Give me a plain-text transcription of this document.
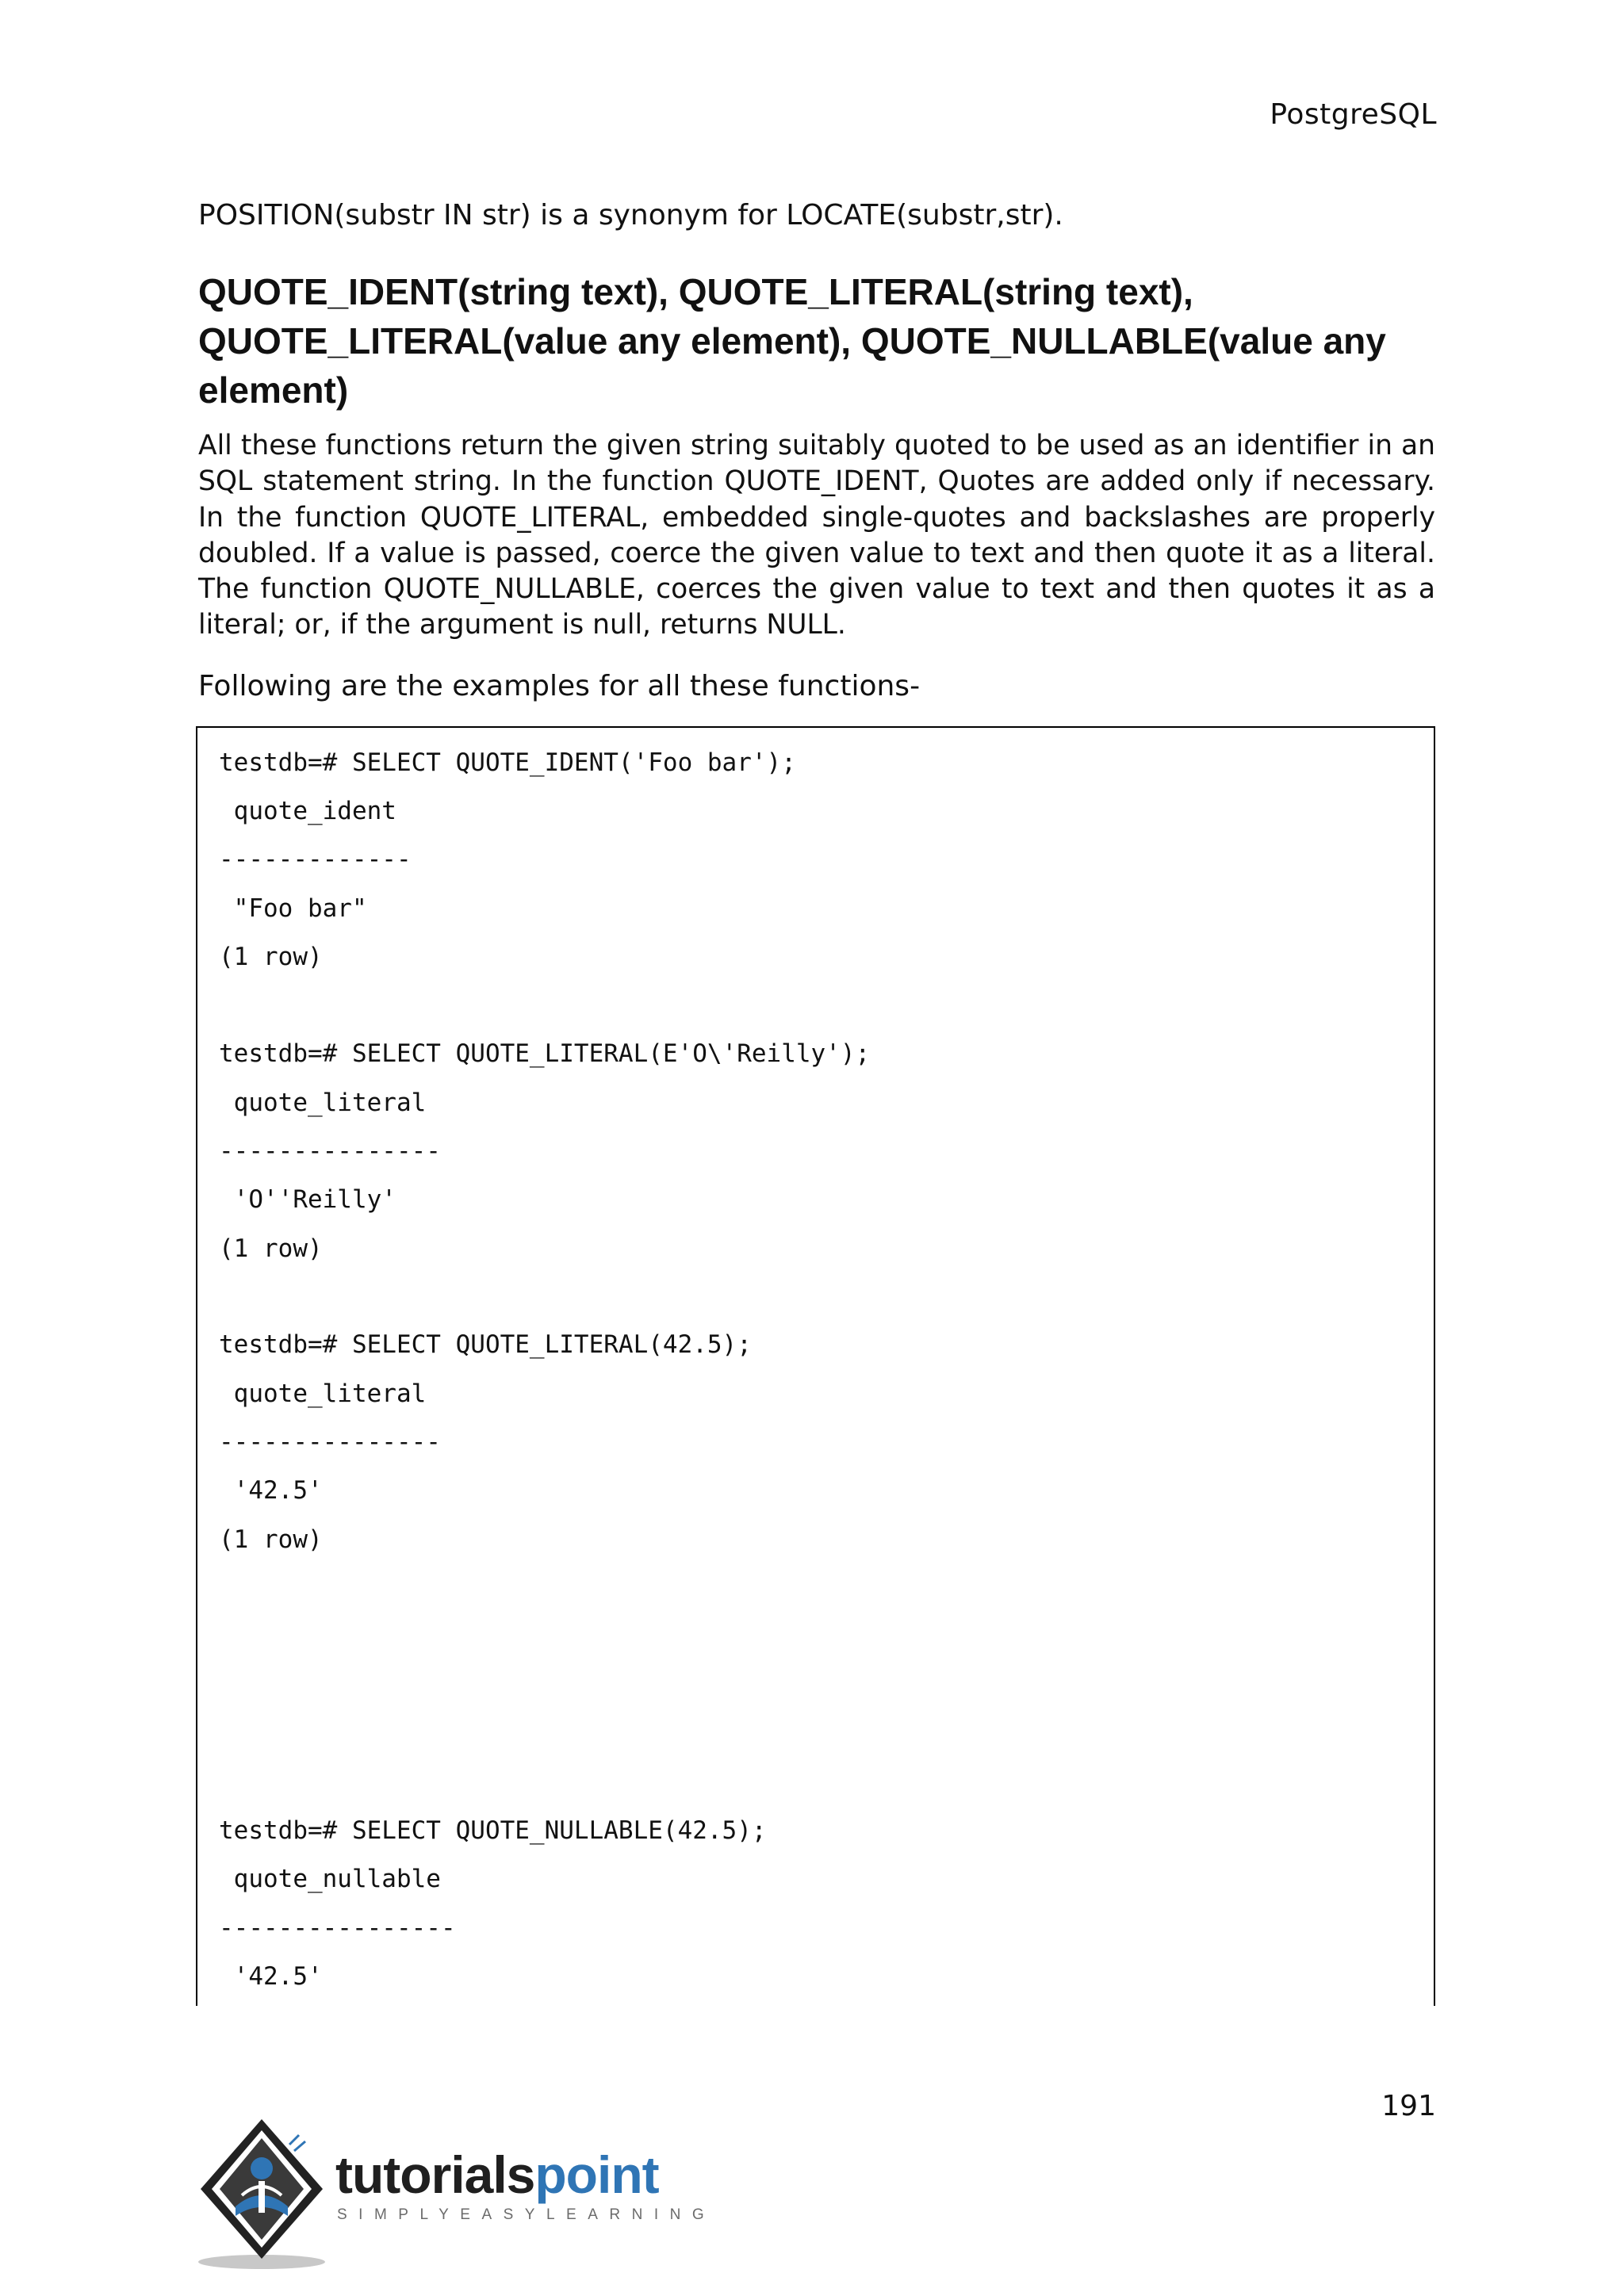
PostgreSQL

POSITION(substr IN str) is a synonym for LOCATE(substr,str).

QUOTE_IDENT(string text), QUOTE_LITERAL(string text),
QUOTE_LITERAL(value any element), QUOTE_NULLABLE(value any
element)

All these functions return the given string suitably quoted to be used as an identifier in an SQL statement string. In the function QUOTE_IDENT, Quotes are added only if necessary. In the function QUOTE_LITERAL, embedded single-quotes and backslashes are properly doubled. If a value is passed, coerce the given value to text and then quote it as a literal. The function QUOTE_NULLABLE, coerces the given value to text and then quotes it as a literal; or, if the argument is null, returns NULL.

Following are the examples for all these functions-

testdb=# SELECT QUOTE_IDENT('Foo bar');
quote_ident
-------------
"Foo bar"
(1 row)
testdb=# SELECT QUOTE_LITERAL(E'O\'Reilly');
quote_literal
---------------
'O''Reilly'
(1 row)
testdb=# SELECT QUOTE_LITERAL(42.5);
quote_literal
---------------
'42.5'
(1 row)
testdb=# SELECT QUOTE_NULLABLE(42.5);
quote_nullable
----------------
'42.5'
191
tutorialspoint
SIMPLYEASYLEARNING
